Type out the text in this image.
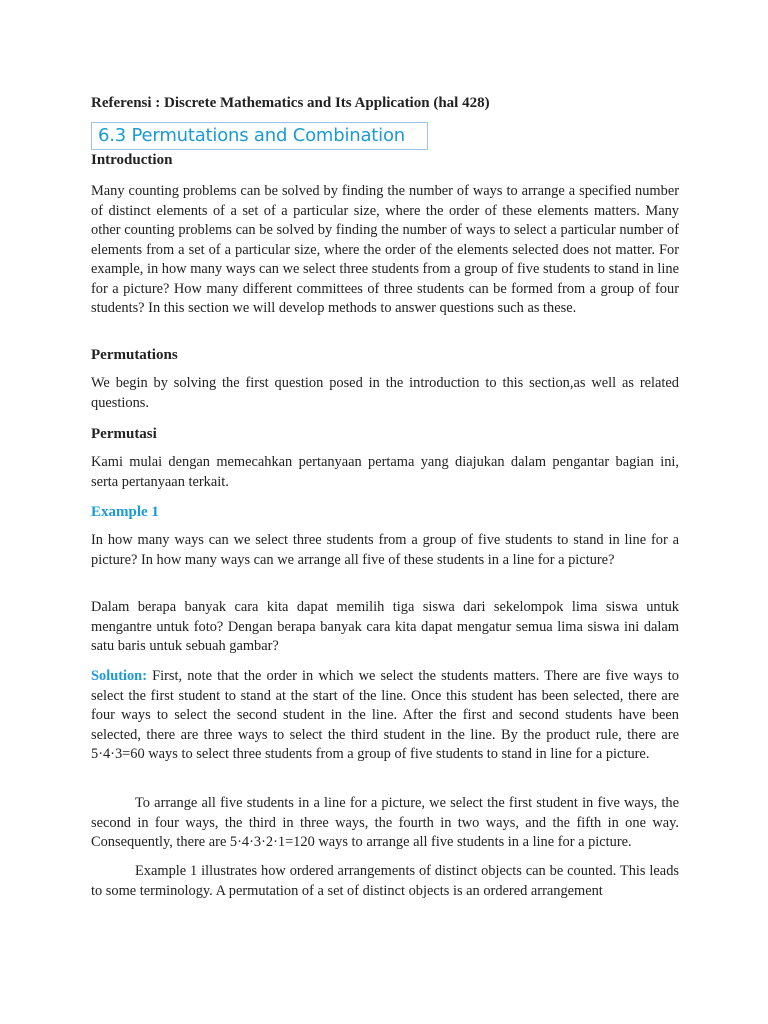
Referensi : Discrete Mathematics and Its Application (hal 428)
6.3 Permutations and Combination
Introduction
Many counting problems can be solved by finding the number of ways to arrange a specified number of distinct elements of a set of a particular size, where the order of these elements matters. Many other counting problems can be solved by finding the number of ways to select a particular number of elements from a set of a particular size, where the order of the elements selected does not matter. For example, in how many ways can we select three students from a group of five students to stand in line for a picture? How many different committees of three students can be formed from a group of four students? In this section we will develop methods to answer questions such as these.
Permutations
We begin by solving the first question posed in the introduction to this section,as well as related questions.
Permutasi
Kami mulai dengan memecahkan pertanyaan pertama yang diajukan dalam pengantar bagian ini, serta pertanyaan terkait.
Example 1
In how many ways can we select three students from a group of five students to stand in line for a picture? In how many ways can we arrange all five of these students in a line for a picture?
Dalam berapa banyak cara kita dapat memilih tiga siswa dari sekelompok lima siswa untuk mengantre untuk foto? Dengan berapa banyak cara kita dapat mengatur semua lima siswa ini dalam satu baris untuk sebuah gambar?
Solution: First, note that the order in which we select the students matters. There are five ways to select the first student to stand at the start of the line. Once this student has been selected, there are four ways to select the second student in the line. After the first and second students have been selected, there are three ways to select the third student in the line. By the product rule, there are 5·4·3=60 ways to select three students from a group of five students to stand in line for a picture.
To arrange all five students in a line for a picture, we select the first student in five ways, the second in four ways, the third in three ways, the fourth in two ways, and the fifth in one way. Consequently, there are 5·4·3·2·1=120 ways to arrange all five students in a line for a picture.
Example 1 illustrates how ordered arrangements of distinct objects can be counted. This leads to some terminology. A permutation of a set of distinct objects is an ordered arrangement
